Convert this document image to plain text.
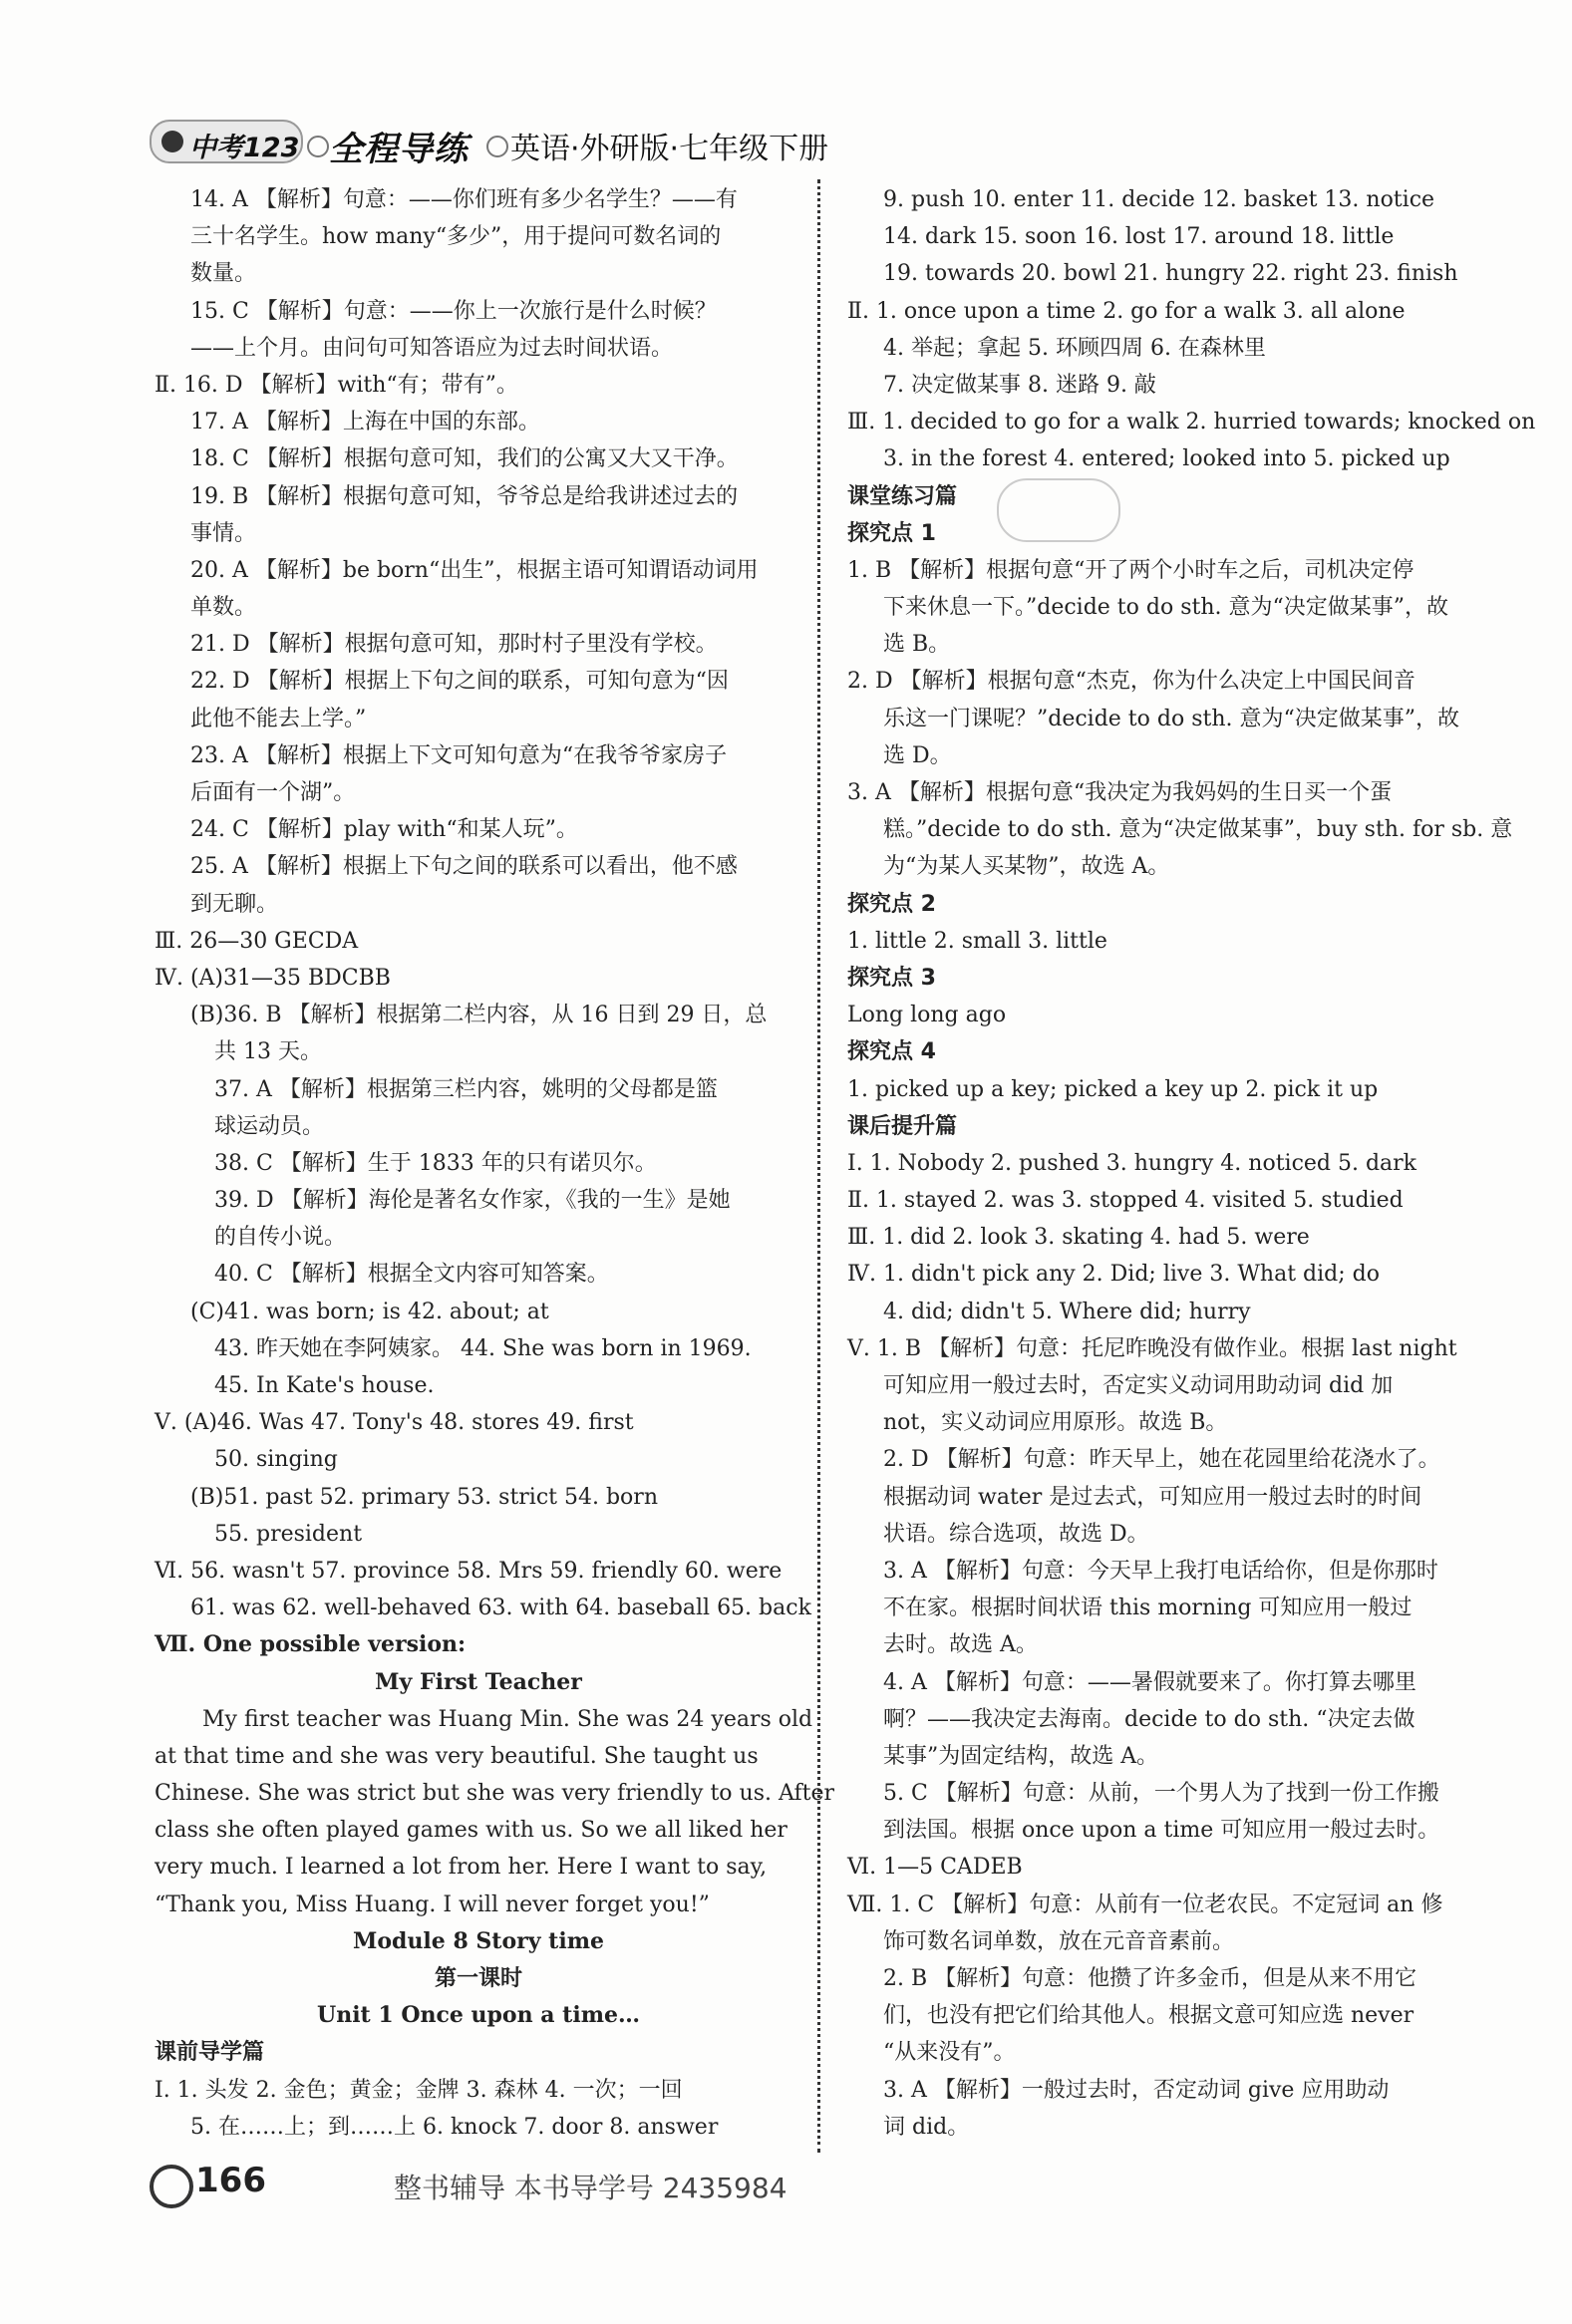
中考123 全程导练 英语·外研版·七年级下册
14. A 【解析】句意：——你们班有多少名学生？——有
三十名学生。how many“多少”，用于提问可数名词的
数量。
15. C 【解析】句意：——你上一次旅行是什么时候？
——上个月。由问句可知答语应为过去时间状语。
Ⅱ. 16. D 【解析】with“有；带有”。
17. A 【解析】上海在中国的东部。
18. C 【解析】根据句意可知，我们的公寓又大又干净。
19. B 【解析】根据句意可知，爷爷总是给我讲述过去的
事情。
20. A 【解析】be born“出生”，根据主语可知谓语动词用
单数。
21. D 【解析】根据句意可知，那时村子里没有学校。
22. D 【解析】根据上下句之间的联系，可知句意为“因
此他不能去上学。”
23. A 【解析】根据上下文可知句意为“在我爷爷家房子
后面有一个湖”。
24. C 【解析】play with“和某人玩”。
25. A 【解析】根据上下句之间的联系可以看出，他不感
到无聊。
Ⅲ. 26—30 GECDA
Ⅳ. (A)31—35 BDCBB
(B)36. B 【解析】根据第二栏内容，从 16 日到 29 日，总
共 13 天。
37. A 【解析】根据第三栏内容，姚明的父母都是篮
球运动员。
38. C 【解析】生于 1833 年的只有诺贝尔。
39. D 【解析】海伦是著名女作家，《我的一生》是她
的自传小说。
40. C 【解析】根据全文内容可知答案。
(C)41. was born; is 42. about; at
43. 昨天她在李阿姨家。 44. She was born in 1969.
45. In Kate's house.
Ⅴ. (A)46. Was 47. Tony's 48. stores 49. first
50. singing
(B)51. past 52. primary 53. strict 54. born
55. president
Ⅵ. 56. wasn't 57. province 58. Mrs 59. friendly 60. were
61. was 62. well-behaved 63. with 64. baseball 65. back
Ⅶ. One possible version:
My First Teacher
My first teacher was Huang Min. She was 24 years old
at that time and she was very beautiful. She taught us
Chinese. She was strict but she was very friendly to us. After
class she often played games with us. So we all liked her
very much. I learned a lot from her. Here I want to say,
“Thank you, Miss Huang. I will never forget you!”
Module 8 Story time
第一课时
Unit 1 Once upon a time…
课前导学篇
Ⅰ. 1. 头发 2. 金色；黄金；金牌 3. 森林 4. 一次；一回
5. 在……上；到……上 6. knock 7. door 8. answer
9. push 10. enter 11. decide 12. basket 13. notice
14. dark 15. soon 16. lost 17. around 18. little
19. towards 20. bowl 21. hungry 22. right 23. finish
Ⅱ. 1. once upon a time 2. go for a walk 3. all alone
4. 举起；拿起 5. 环顾四周 6. 在森林里
7. 决定做某事 8. 迷路 9. 敲
Ⅲ. 1. decided to go for a walk 2. hurried towards; knocked on
3. in the forest 4. entered; looked into 5. picked up
课堂练习篇
探究点 1
1. B 【解析】根据句意“开了两个小时车之后，司机决定停
下来休息一下。”decide to do sth. 意为“决定做某事”，故
选 B。
2. D 【解析】根据句意“杰克，你为什么决定上中国民间音
乐这一门课呢？”decide to do sth. 意为“决定做某事”，故
选 D。
3. A 【解析】根据句意“我决定为我妈妈的生日买一个蛋
糕。”decide to do sth. 意为“决定做某事”，buy sth. for sb. 意
为“为某人买某物”，故选 A。
探究点 2
1. little 2. small 3. little
探究点 3
Long long ago
探究点 4
1. picked up a key; picked a key up 2. pick it up
课后提升篇
Ⅰ. 1. Nobody 2. pushed 3. hungry 4. noticed 5. dark
Ⅱ. 1. stayed 2. was 3. stopped 4. visited 5. studied
Ⅲ. 1. did 2. look 3. skating 4. had 5. were
Ⅳ. 1. didn't pick any 2. Did; live 3. What did; do
4. did; didn't 5. Where did; hurry
Ⅴ. 1. B 【解析】句意：托尼昨晚没有做作业。根据 last night
可知应用一般过去时，否定实义动词用助动词 did 加
not，实义动词应用原形。故选 B。
2. D 【解析】句意：昨天早上，她在花园里给花浇水了。
根据动词 water 是过去式，可知应用一般过去时的时间
状语。综合选项，故选 D。
3. A 【解析】句意：今天早上我打电话给你，但是你那时
不在家。根据时间状语 this morning 可知应用一般过
去时。故选 A。
4. A 【解析】句意：——暑假就要来了。你打算去哪里
啊？——我决定去海南。decide to do sth. “决定去做
某事”为固定结构，故选 A。
5. C 【解析】句意：从前，一个男人为了找到一份工作搬
到法国。根据 once upon a time 可知应用一般过去时。
Ⅵ. 1—5 CADEB
Ⅶ. 1. C 【解析】句意：从前有一位老农民。不定冠词 an 修
饰可数名词单数，放在元音音素前。
2. B 【解析】句意：他攒了许多金币，但是从来不用它
们，也没有把它们给其他人。根据文意可知应选 never
“从来没有”。
3. A 【解析】一般过去时，否定动词 give 应用助动
词 did。
166	整书辅导 本书导学号 2435984
